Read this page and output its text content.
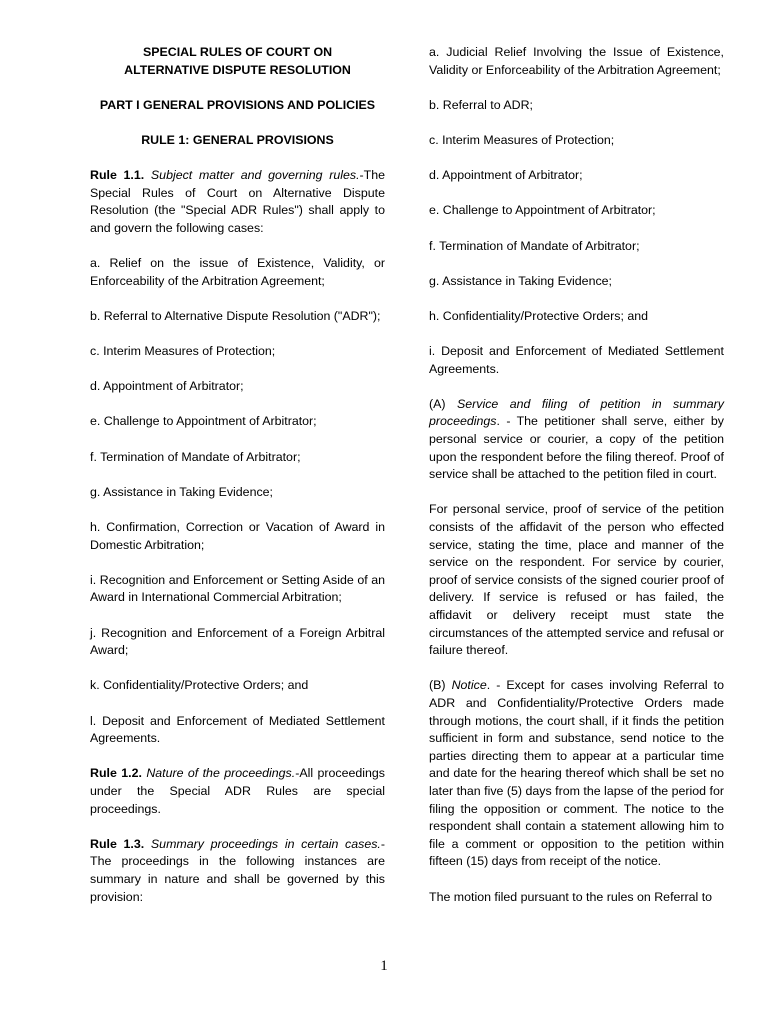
SPECIAL RULES OF COURT ON

ALTERNATIVE DISPUTE RESOLUTION

PART I GENERAL PROVISIONS AND POLICIES

RULE 1: GENERAL PROVISIONS

Rule 1.1. Subject matter and governing rules.-The Special Rules of Court on Alternative Dispute Resolution (the "Special ADR Rules") shall apply to and govern the following cases:

a. Relief on the issue of Existence, Validity, or Enforceability of the Arbitration Agreement;

b. Referral to Alternative Dispute Resolution ("ADR");

c. Interim Measures of Protection;

d. Appointment of Arbitrator;

e. Challenge to Appointment of Arbitrator;

f. Termination of Mandate of Arbitrator;

g. Assistance in Taking Evidence;

h. Confirmation, Correction or Vacation of Award in Domestic Arbitration;

i. Recognition and Enforcement or Setting Aside of an Award in International Commercial Arbitration;

j. Recognition and Enforcement of a Foreign Arbitral Award;

k. Confidentiality/Protective Orders; and

l. Deposit and Enforcement of Mediated Settlement Agreements.

Rule 1.2. Nature of the proceedings.-All proceedings under the Special ADR Rules are special proceedings.

Rule 1.3. Summary proceedings in certain cases.- The proceedings in the following instances are summary in nature and shall be governed by this provision:

a. Judicial Relief Involving the Issue of Existence, Validity or Enforceability of the Arbitration Agreement;

b. Referral to ADR;

c. Interim Measures of Protection;

d. Appointment of Arbitrator;

e. Challenge to Appointment of Arbitrator;

f. Termination of Mandate of Arbitrator;

g. Assistance in Taking Evidence;

h. Confidentiality/Protective Orders; and

i. Deposit and Enforcement of Mediated Settlement Agreements.

(A) Service and filing of petition in summary proceedings. - The petitioner shall serve, either by personal service or courier, a copy of the petition upon the respondent before the filing thereof. Proof of service shall be attached to the petition filed in court.

For personal service, proof of service of the petition consists of the affidavit of the person who effected service, stating the time, place and manner of the service on the respondent. For service by courier, proof of service consists of the signed courier proof of delivery. If service is refused or has failed, the affidavit or delivery receipt must state the circumstances of the attempted service and refusal or failure thereof.

(B) Notice. - Except for cases involving Referral to ADR and Confidentiality/Protective Orders made through motions, the court shall, if it finds the petition sufficient in form and substance, send notice to the parties directing them to appear at a particular time and date for the hearing thereof which shall be set no later than five (5) days from the lapse of the period for filing the opposition or comment. The notice to the respondent shall contain a statement allowing him to file a comment or opposition to the petition within fifteen (15) days from receipt of the notice.

The motion filed pursuant to the rules on Referral to

1
